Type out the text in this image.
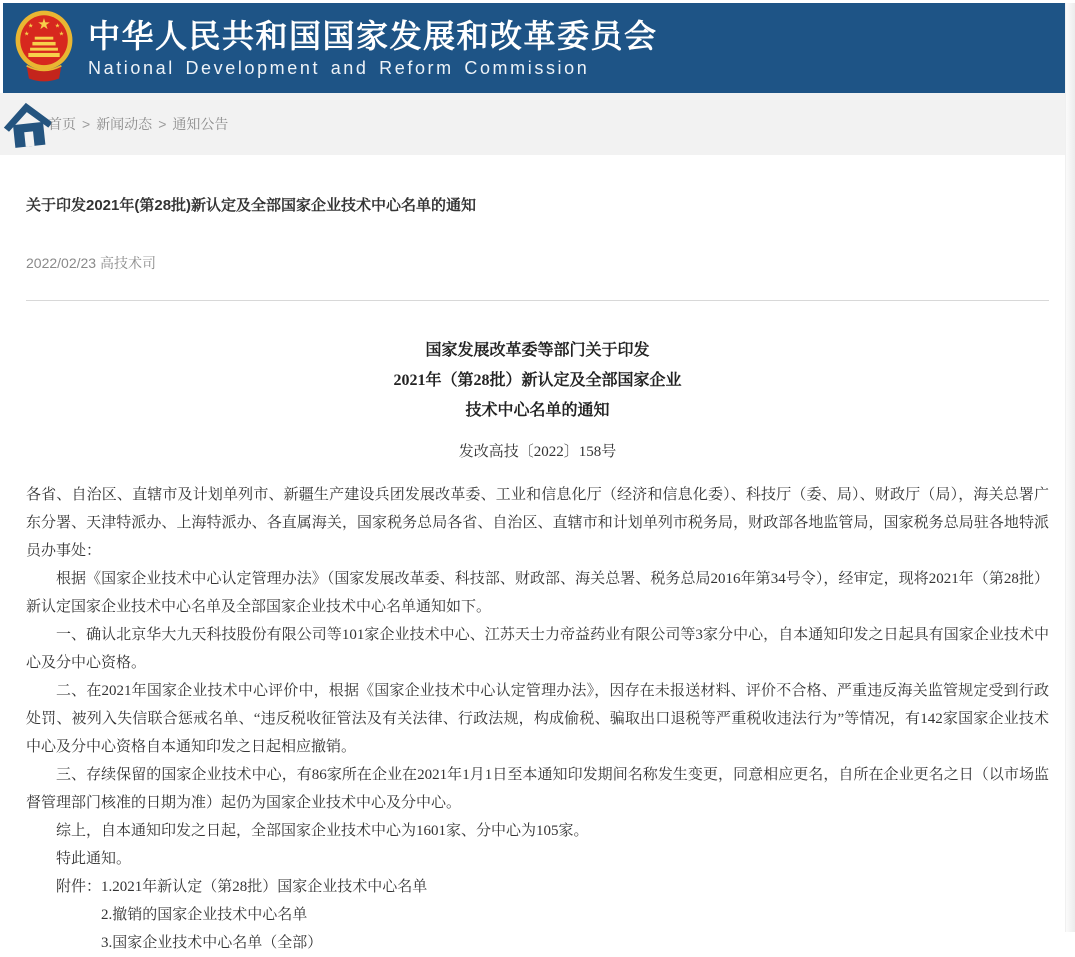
★
★ ★
★	★ 中华人民共和国国家发展和改革委员会
National Development and Reform Commission
首页 > 新闻动态 > 通知公告
关于印发2021年(第28批)新认定及全部国家企业技术中心名单的通知
2022/02/23 高技术司
国家发展改革委等部门关于印发
2021年（第28批）新认定及全部国家企业
技术中心名单的通知
发改高技〔2022〕158号

各省、自治区、直辖市及计划单列市、新疆生产建设兵团发展改革委、工业和信息化厅（经济和信息化委）、科技厅（委、局）、财政厅（局），海关总署广东分署、天津特派办、上海特派办、各直属海关，国家税务总局各省、自治区、直辖市和计划单列市税务局，财政部各地监管局，国家税务总局驻各地特派员办事处：

根据《国家企业技术中心认定管理办法》（国家发展改革委、科技部、财政部、海关总署、税务总局2016年第34号令），经审定，现将2021年（第28批）新认定国家企业技术中心名单及全部国家企业技术中心名单通知如下。

一、确认北京华大九天科技股份有限公司等101家企业技术中心、江苏天士力帝益药业有限公司等3家分中心，自本通知印发之日起具有国家企业技术中心及分中心资格。

二、在2021年国家企业技术中心评价中，根据《国家企业技术中心认定管理办法》，因存在未报送材料、评价不合格、严重违反海关监管规定受到行政处罚、被列入失信联合惩戒名单、“违反税收征管法及有关法律、行政法规，构成偷税、骗取出口退税等严重税收违法行为”等情况，有142家国家企业技术中心及分中心资格自本通知印发之日起相应撤销。

三、存续保留的国家企业技术中心，有86家所在企业在2021年1月1日至本通知印发期间名称发生变更，同意相应更名，自所在企业更名之日（以市场监督管理部门核准的日期为准）起仍为国家企业技术中心及分中心。

综上，自本通知印发之日起，全部国家企业技术中心为1601家、分中心为105家。

特此通知。

附件：1.2021年新认定（第28批）国家企业技术中心名单

2.撤销的国家企业技术中心名单

3.国家企业技术中心名单（全部）
